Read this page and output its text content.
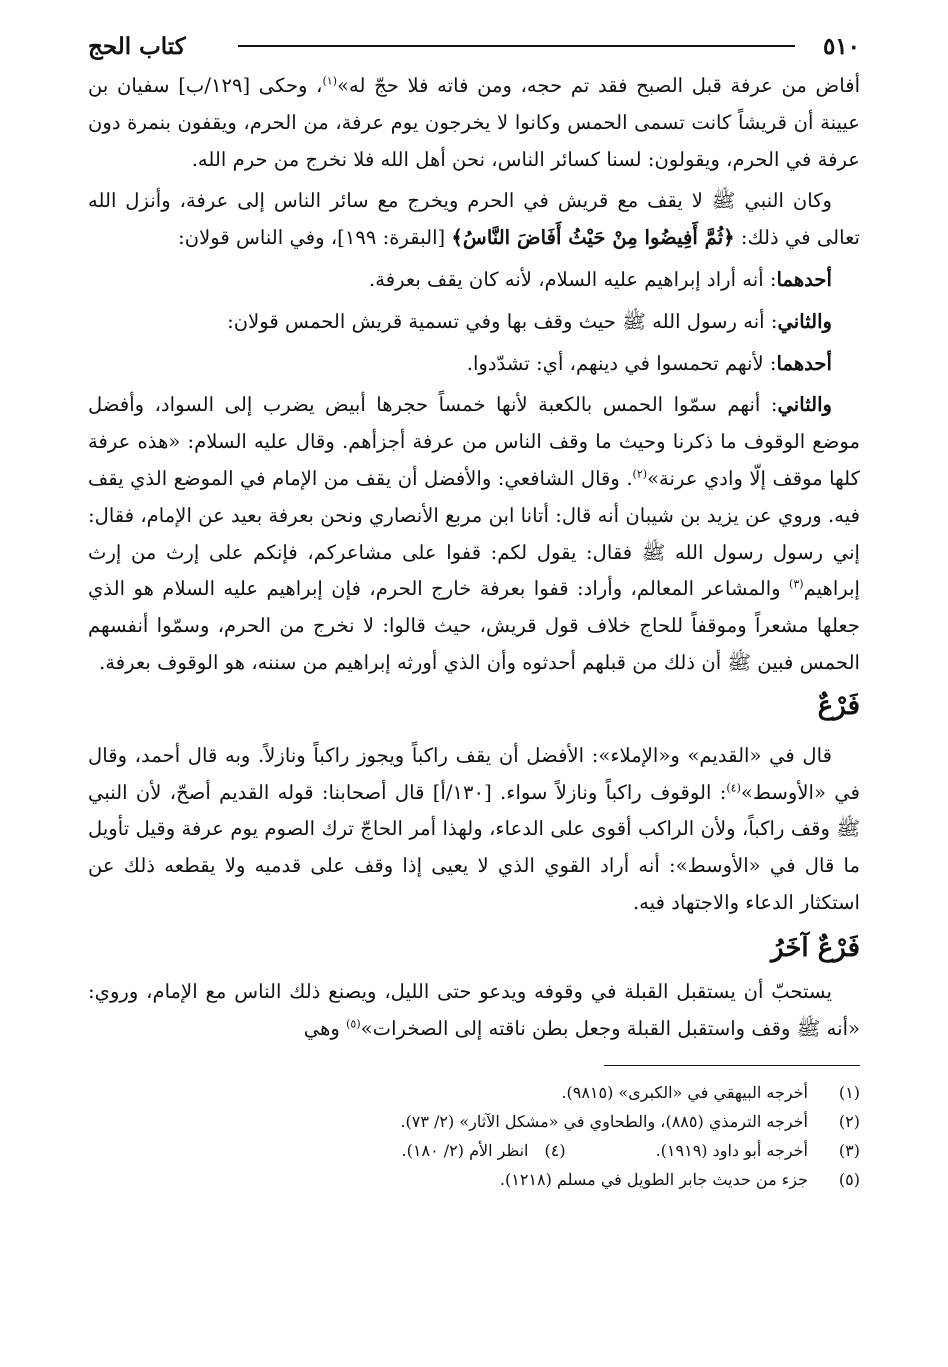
٥١٠
كتاب الحج

أفاض من عرفة قبل الصبح فقد تم حجه، ومن فاته فلا حجّ له»$^{(١)}$، وحكى [١٢٩/ب] سفيان بن عيينة أن قريشاً كانت تسمى الحمس وكانوا لا يخرجون يوم عرفة، من الحرم، ويقفون بنمرة دون عرفة في الحرم، ويقولون: لسنا كسائر الناس، نحن أهل الله فلا نخرج من حرم الله.

وكان النبي ﷺ لا يقف مع قريش في الحرم ويخرج مع سائر الناس إلى عرفة، وأنزل الله تعالى في ذلك: ﴿ثُمَّ أَفِيضُوا مِنْ حَيْثُ أَفَاضَ النَّاسُ﴾ [البقرة: ١٩٩]، وفي الناس قولان:

أحدهما: أنه أراد إبراهيم عليه السلام، لأنه كان يقف بعرفة.

والثاني: أنه رسول الله ﷺ حيث وقف بها وفي تسمية قريش الحمس قولان:

أحدهما: لأنهم تحمسوا في دينهم، أي: تشدّدوا.

والثاني: أنهم سمّوا الحمس بالكعبة لأنها خمساً حجرها أبيض يضرب إلى السواد، وأفضل موضع الوقوف ما ذكرنا وحيث ما وقف الناس من عرفة أجزأهم. وقال عليه السلام: «هذه عرفة كلها موقف إلّا وادي عرنة»$^{(٢)}$. وقال الشافعي: والأفضل أن يقف من الإمام في الموضع الذي يقف فيه. وروي عن يزيد بن شيبان أنه قال: أتانا ابن مربع الأنصاري ونحن بعرفة بعيد عن الإمام، فقال: إني رسول رسول الله ﷺ فقال: يقول لكم: قفوا على مشاعركم، فإنكم على إرث من إرث إبراهيم$^{(٣)}$ والمشاعر المعالم، وأراد: قفوا بعرفة خارج الحرم، فإن إبراهيم عليه السلام هو الذي جعلها مشعراً وموقفاً للحاج خلاف قول قريش، حيث قالوا: لا نخرج من الحرم، وسمّوا أنفسهم الحمس فبين ﷺ أن ذلك من قبلهم أحدثوه وأن الذي أورثه إبراهيم من سننه، هو الوقوف بعرفة.

فَرْعٌ

قال في «القديم» و«الإملاء»: الأفضل أن يقف راكباً ويجوز راكباً ونازلاً. وبه قال أحمد، وقال في «الأوسط»$^{(٤)}$: الوقوف راكباً ونازلاً سواء. [١٣٠/أ] قال أصحابنا: قوله القديم أصحّ، لأن النبي ﷺ وقف راكباً، ولأن الراكب أقوى على الدعاء، ولهذا أمر الحاجّ ترك الصوم يوم عرفة وقيل تأويل ما قال في «الأوسط»: أنه أراد القوي الذي لا يعيى إذا وقف على قدميه ولا يقطعه ذلك عن استكثار الدعاء والاجتهاد فيه.

فَرْعٌ آخَرُ

يستحبّ أن يستقبل القبلة في وقوفه ويدعو حتى الليل، ويصنع ذلك الناس مع الإمام، وروي: «أنه ﷺ وقف واستقبل القبلة وجعل بطن ناقته إلى الصخرات»$^{(٥)}$ وهي

(١)
أخرجه البيهقي في «الكبرى» (٩٨١٥).
(٢)
أخرجه الترمذي (٨٨٥)، والطحاوي في «مشكل الآثار» (٢/ ٧٣).
(٣)
أخرجه أبو داود (١٩١٩).
(٤)
انظر الأم (٢/ ١٨٠).
(٥)
جزء من حديث جابر الطويل في مسلم (١٢١٨).
